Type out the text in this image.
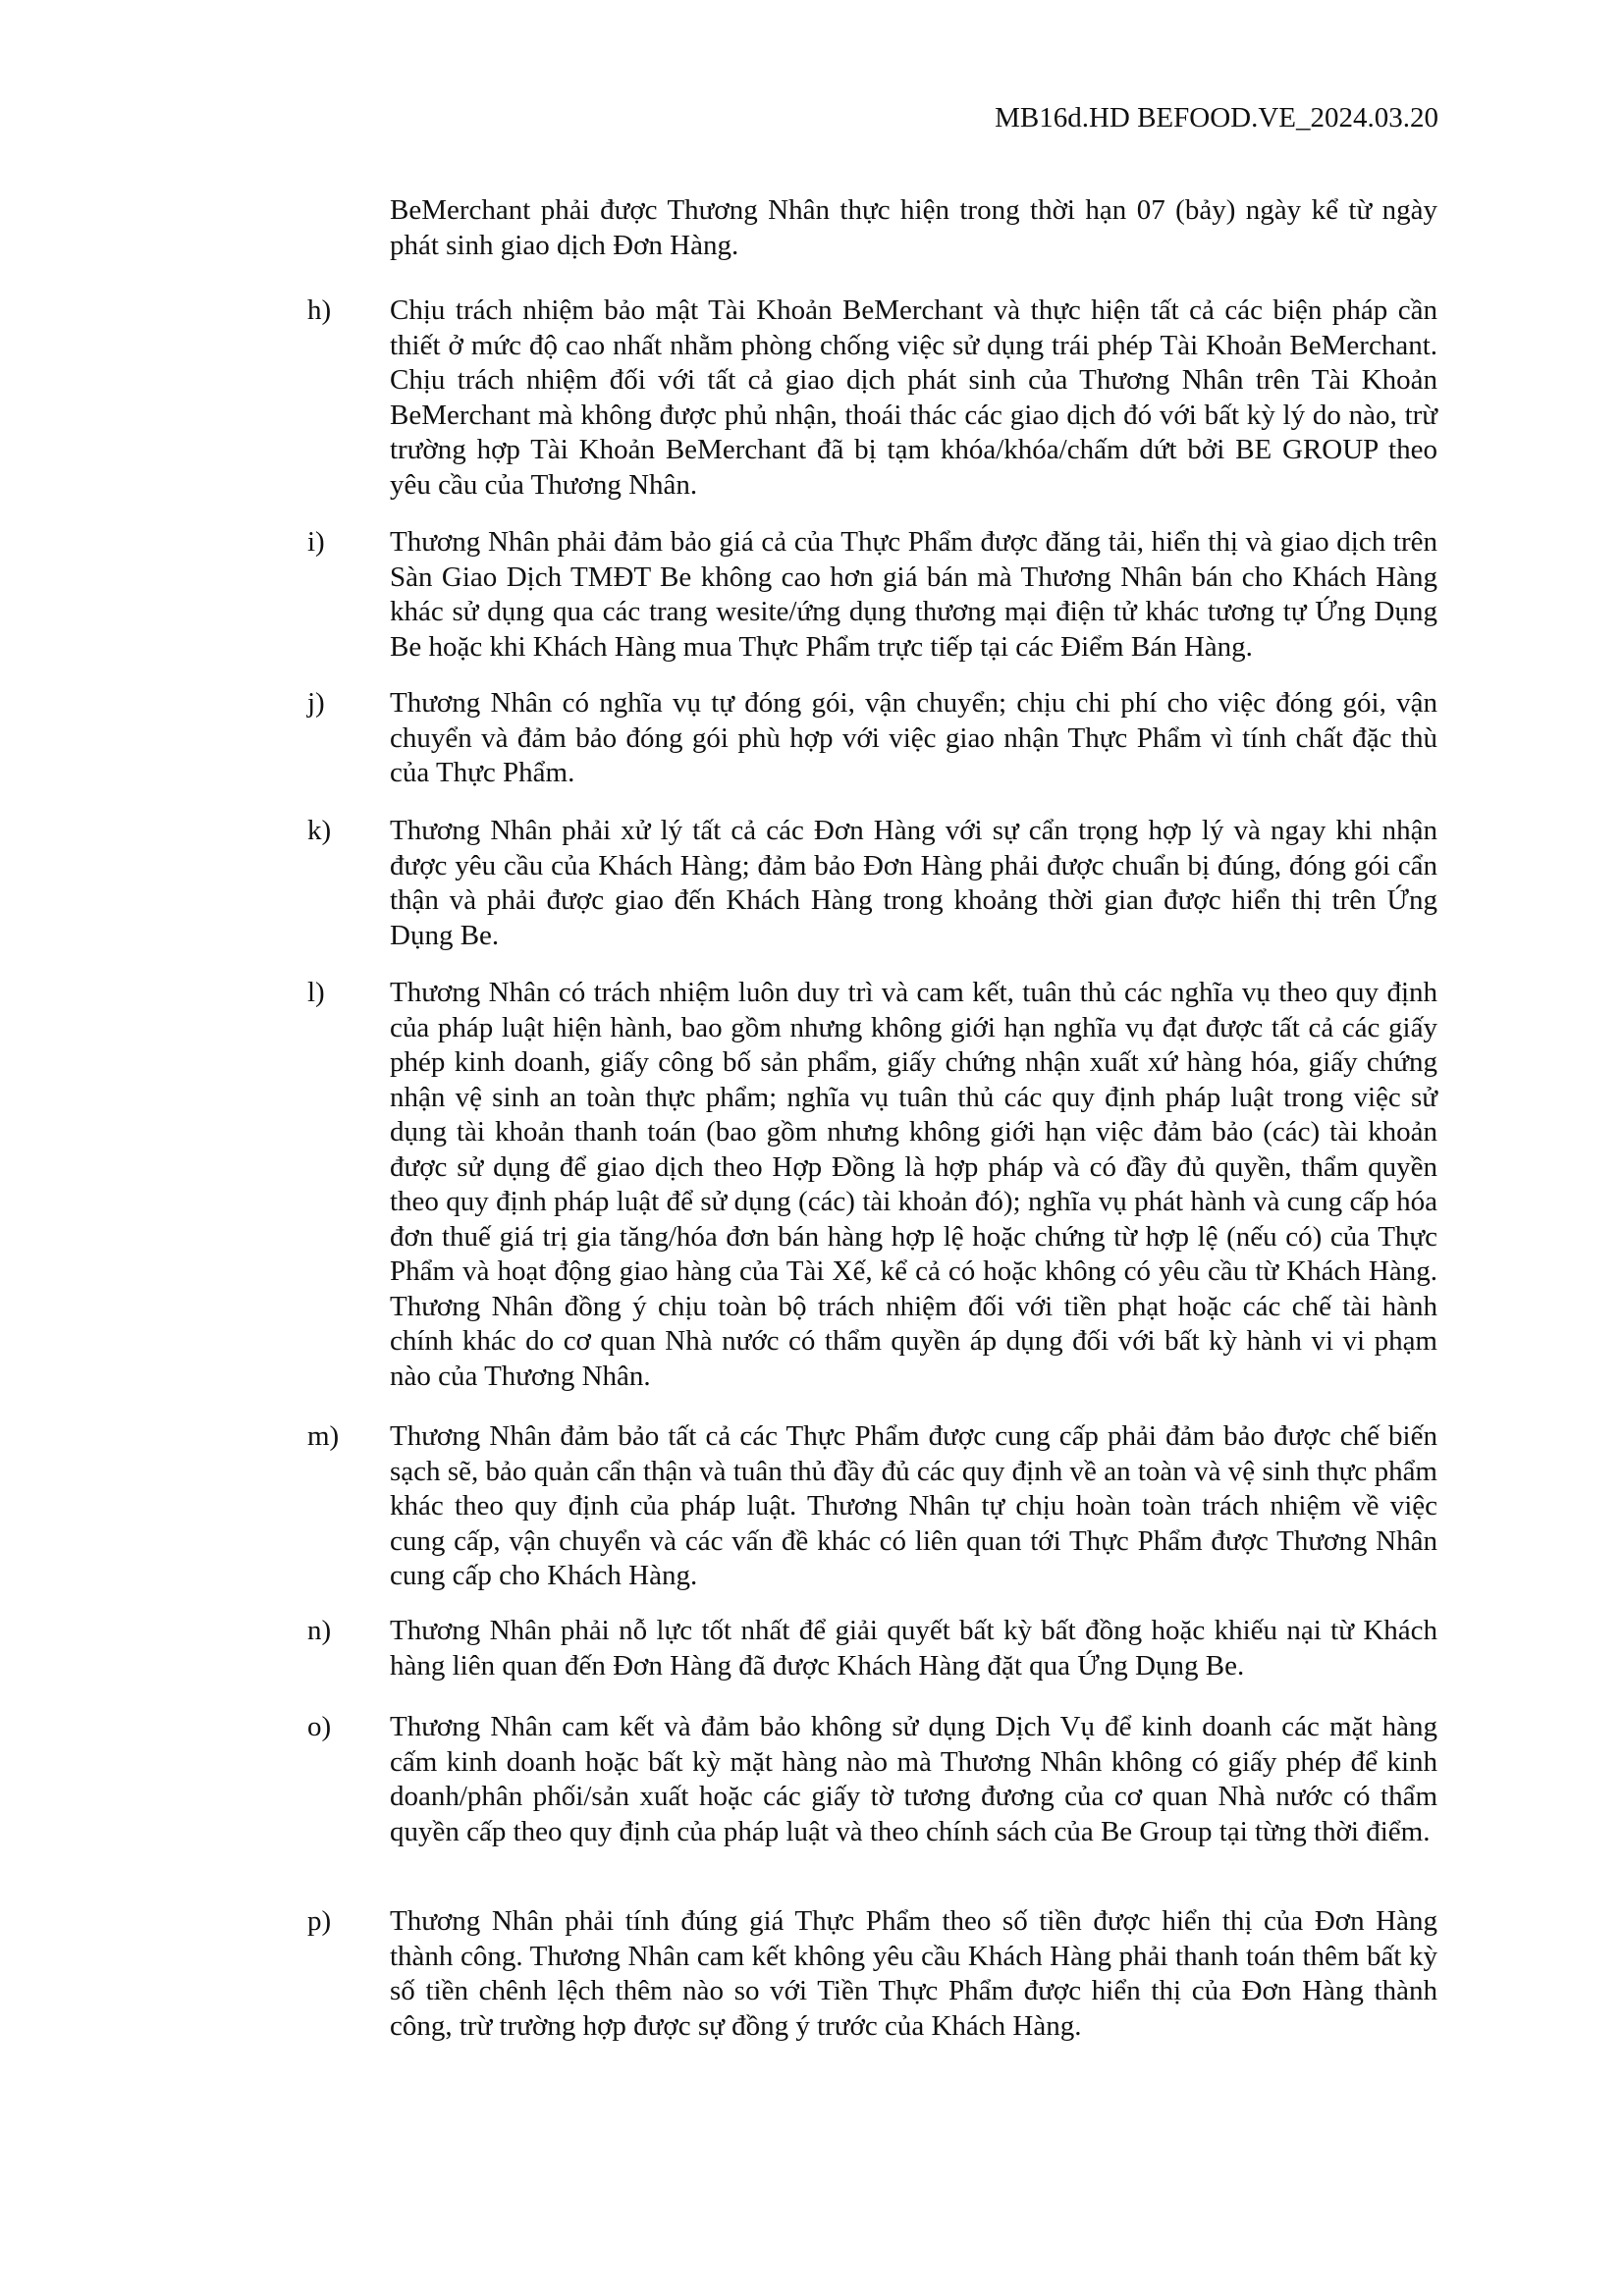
MB16d.HD BEFOOD.VE_2024.03.20

BeMerchant phải được Thương Nhân thực hiện trong thời hạn 07 (bảy) ngày kể từ ngày phát sinh giao dịch Đơn Hàng.

h) Chịu trách nhiệm bảo mật Tài Khoản BeMerchant và thực hiện tất cả các biện pháp cần thiết ở mức độ cao nhất nhằm phòng chống việc sử dụng trái phép Tài Khoản BeMerchant. Chịu trách nhiệm đối với tất cả giao dịch phát sinh của Thương Nhân trên Tài Khoản BeMerchant mà không được phủ nhận, thoái thác các giao dịch đó với bất kỳ lý do nào, trừ trường hợp Tài Khoản BeMerchant đã bị tạm khóa/khóa/chấm dứt bởi BE GROUP theo yêu cầu của Thương Nhân.

i) Thương Nhân phải đảm bảo giá cả của Thực Phẩm được đăng tải, hiển thị và giao dịch trên Sàn Giao Dịch TMĐT Be không cao hơn giá bán mà Thương Nhân bán cho Khách Hàng khác sử dụng qua các trang wesite/ứng dụng thương mại điện tử khác tương tự Ứng Dụng Be hoặc khi Khách Hàng mua Thực Phẩm trực tiếp tại các Điểm Bán Hàng.

j) Thương Nhân có nghĩa vụ tự đóng gói, vận chuyển; chịu chi phí cho việc đóng gói, vận chuyển và đảm bảo đóng gói phù hợp với việc giao nhận Thực Phẩm vì tính chất đặc thù của Thực Phẩm.

k) Thương Nhân phải xử lý tất cả các Đơn Hàng với sự cẩn trọng hợp lý và ngay khi nhận được yêu cầu của Khách Hàng; đảm bảo Đơn Hàng phải được chuẩn bị đúng, đóng gói cẩn thận và phải được giao đến Khách Hàng trong khoảng thời gian được hiển thị trên Ứng Dụng Be.

l) Thương Nhân có trách nhiệm luôn duy trì và cam kết, tuân thủ các nghĩa vụ theo quy định của pháp luật hiện hành, bao gồm nhưng không giới hạn nghĩa vụ đạt được tất cả các giấy phép kinh doanh, giấy công bố sản phẩm, giấy chứng nhận xuất xứ hàng hóa, giấy chứng nhận vệ sinh an toàn thực phẩm; nghĩa vụ tuân thủ các quy định pháp luật trong việc sử dụng tài khoản thanh toán (bao gồm nhưng không giới hạn việc đảm bảo (các) tài khoản được sử dụng để giao dịch theo Hợp Đồng là hợp pháp và có đầy đủ quyền, thẩm quyền theo quy định pháp luật để sử dụng (các) tài khoản đó); nghĩa vụ phát hành và cung cấp hóa đơn thuế giá trị gia tăng/hóa đơn bán hàng hợp lệ hoặc chứng từ hợp lệ (nếu có) của Thực Phẩm và hoạt động giao hàng của Tài Xế, kể cả có hoặc không có yêu cầu từ Khách Hàng. Thương Nhân đồng ý chịu toàn bộ trách nhiệm đối với tiền phạt hoặc các chế tài hành chính khác do cơ quan Nhà nước có thẩm quyền áp dụng đối với bất kỳ hành vi vi phạm nào của Thương Nhân.

m) Thương Nhân đảm bảo tất cả các Thực Phẩm được cung cấp phải đảm bảo được chế biến sạch sẽ, bảo quản cẩn thận và tuân thủ đầy đủ các quy định về an toàn và vệ sinh thực phẩm khác theo quy định của pháp luật. Thương Nhân tự chịu hoàn toàn trách nhiệm về việc cung cấp, vận chuyển và các vấn đề khác có liên quan tới Thực Phẩm được Thương Nhân cung cấp cho Khách Hàng.

n) Thương Nhân phải nỗ lực tốt nhất để giải quyết bất kỳ bất đồng hoặc khiếu nại từ Khách hàng liên quan đến Đơn Hàng đã được Khách Hàng đặt qua Ứng Dụng Be.

o) Thương Nhân cam kết và đảm bảo không sử dụng Dịch Vụ để kinh doanh các mặt hàng cấm kinh doanh hoặc bất kỳ mặt hàng nào mà Thương Nhân không có giấy phép để kinh doanh/phân phối/sản xuất hoặc các giấy tờ tương đương của cơ quan Nhà nước có thẩm quyền cấp theo quy định của pháp luật và theo chính sách của Be Group tại từng thời điểm.

p) Thương Nhân phải tính đúng giá Thực Phẩm theo số tiền được hiển thị của Đơn Hàng thành công. Thương Nhân cam kết không yêu cầu Khách Hàng phải thanh toán thêm bất kỳ số tiền chênh lệch thêm nào so với Tiền Thực Phẩm được hiển thị của Đơn Hàng thành công, trừ trường hợp được sự đồng ý trước của Khách Hàng.
